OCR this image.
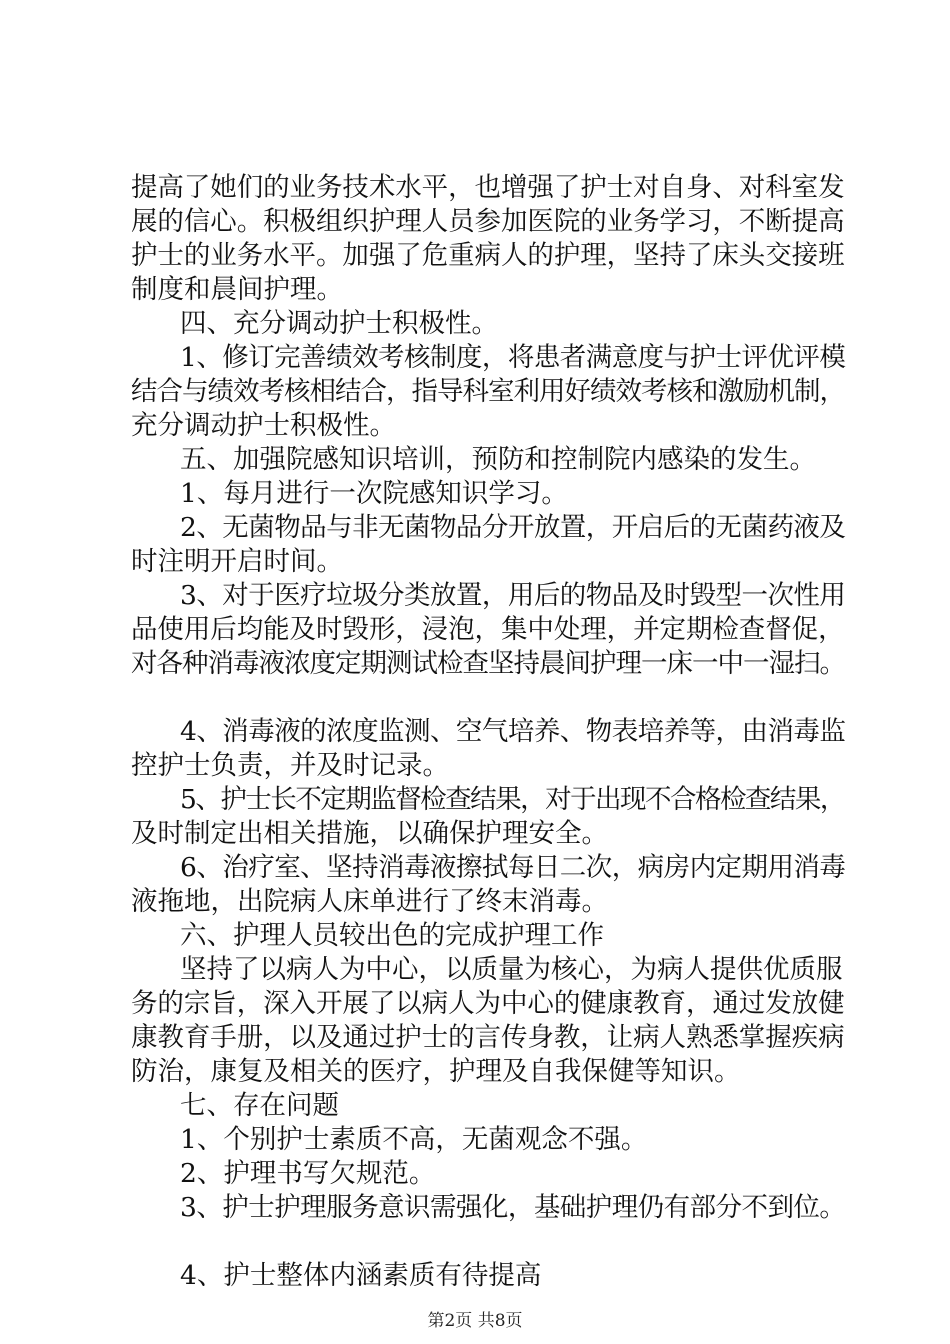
提高了她们的业务技术水平，也增强了护士对自身、对科室发
展的信心。积极组织护理人员参加医院的业务学习，不断提高
护士的业务水平。加强了危重病人的护理，坚持了床头交接班
制度和晨间护理。
四、充分调动护士积极性。
1、修订完善绩效考核制度，将患者满意度与护士评优评模
结合与绩效考核相结合，指导科室利用好绩效考核和激励机制，
充分调动护士积极性。
五、加强院感知识培训，预防和控制院内感染的发生。
1、每月进行一次院感知识学习。
2、无菌物品与非无菌物品分开放置，开启后的无菌药液及
时注明开启时间。
3、对于医疗垃圾分类放置，用后的物品及时毁型一次性用
品使用后均能及时毁形，浸泡，集中处理，并定期检查督促，
对各种消毒液浓度定期测试检查坚持晨间护理一床一中一湿扫。
4、消毒液的浓度监测、空气培养、物表培养等，由消毒监
控护士负责，并及时记录。
5、护士长不定期监督检查结果，对于出现不合格检查结果，
及时制定出相关措施，以确保护理安全。
6、治疗室、坚持消毒液擦拭每日二次，病房内定期用消毒
液拖地，出院病人床单进行了终末消毒。
六、护理人员较出色的完成护理工作
坚持了以病人为中心，以质量为核心，为病人提供优质服
务的宗旨，深入开展了以病人为中心的健康教育，通过发放健
康教育手册，以及通过护士的言传身教，让病人熟悉掌握疾病
防治，康复及相关的医疗，护理及自我保健等知识。
七、存在问题
1、个别护士素质不高，无菌观念不强。
2、护理书写欠规范。
3、护士护理服务意识需强化，基础护理仍有部分不到位。
4、护士整体内涵素质有待提高
第2页 共8页
